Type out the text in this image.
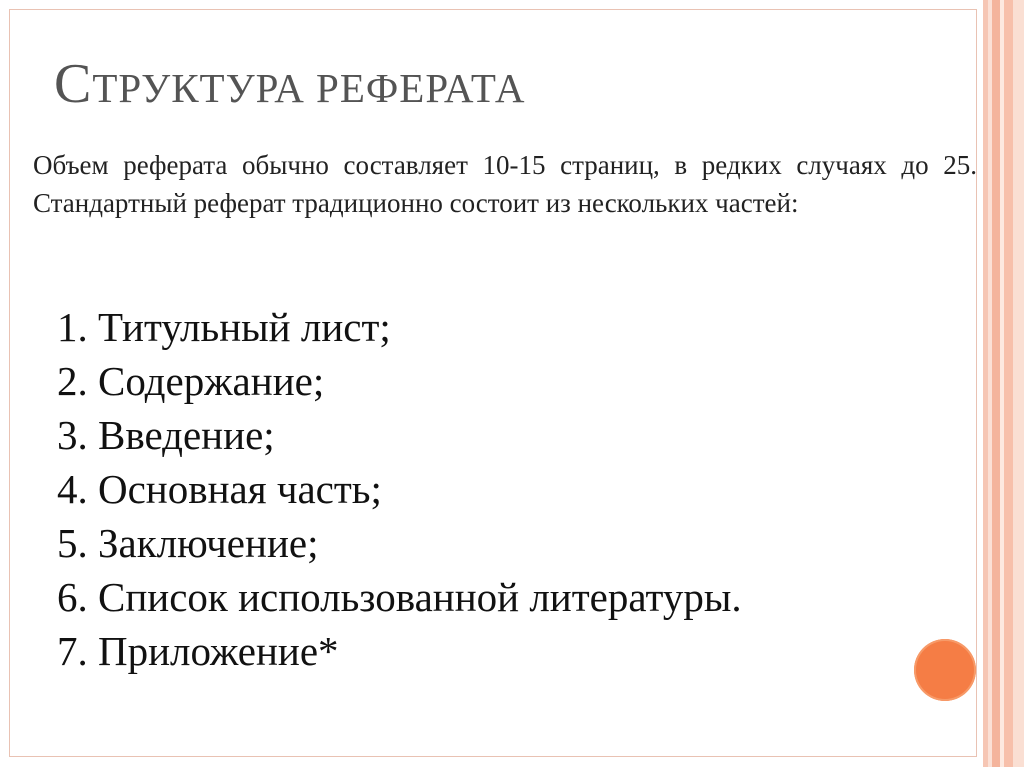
СТРУКТУРА РЕФЕРАТА
Объем реферата обычно составляет 10-15 страниц, в редких случаях до 25. Стандартный реферат традиционно состоит из нескольких частей:
1. Титульный лист;
2. Содержание;
3. Введение;
4. Основная часть;
5. Заключение;
6. Список использованной литературы.
7. Приложение*
